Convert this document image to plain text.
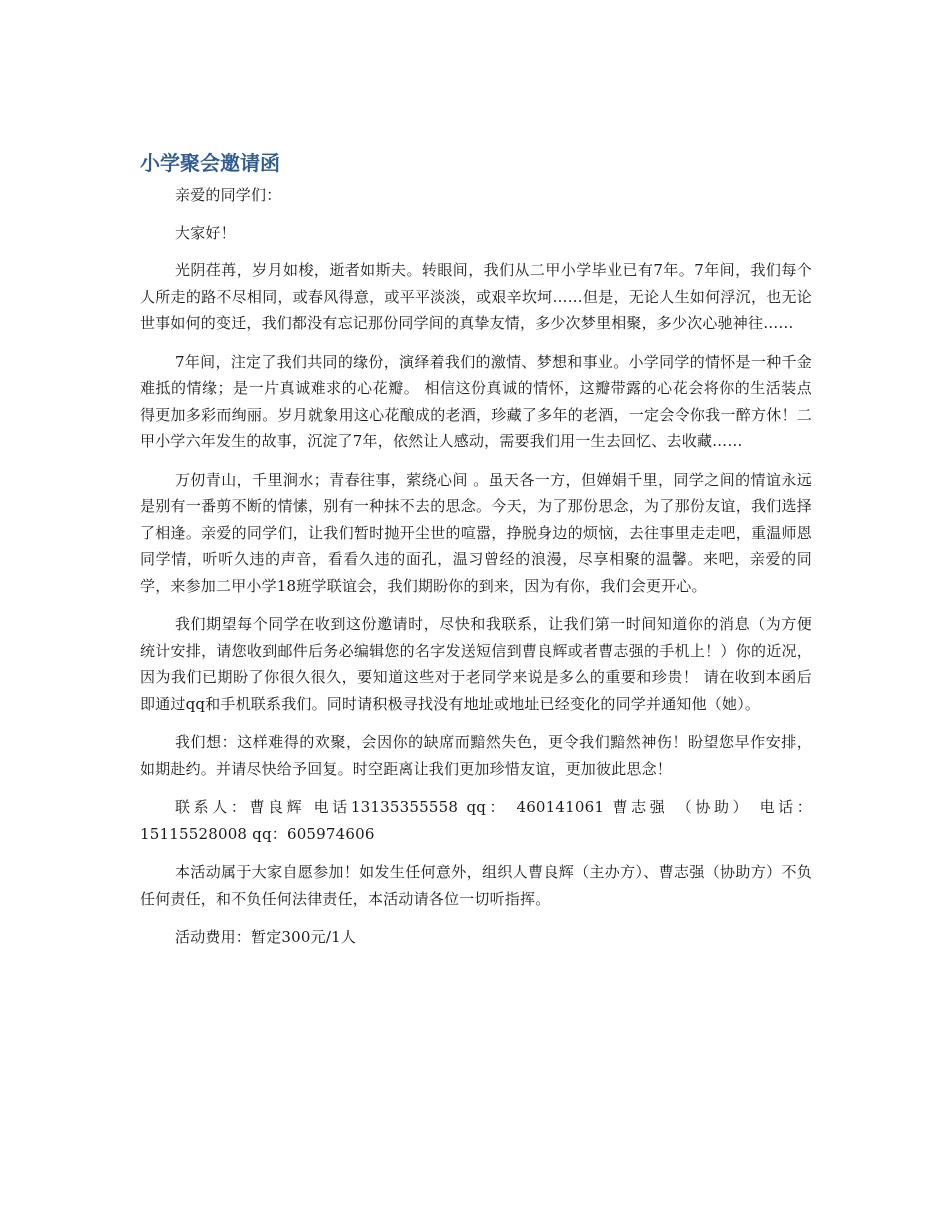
小学聚会邀请函

亲爱的同学们：

大家好！

光阴荏苒，岁月如梭，逝者如斯夫。转眼间，我们从二甲小学毕业已有7年。7年间，我们每个人所走的路不尽相同，或春风得意，或平平淡淡，或艰辛坎坷……但是，无论人生如何浮沉，也无论世事如何的变迁，我们都没有忘记那份同学间的真挚友情，多少次梦里相聚，多少次心驰神往……

7年间，注定了我们共同的缘份，演绎着我们的激情、梦想和事业。小学同学的情怀是一种千金难抵的情缘；是一片真诚难求的心花瓣。 相信这份真诚的情怀，这瓣带露的心花会将你的生活装点得更加多彩而绚丽。岁月就象用这心花酿成的老酒，珍藏了多年的老酒，一定会令你我一醉方休！二甲小学六年发生的故事，沉淀了7年，依然让人感动，需要我们用一生去回忆、去收藏……

万仞青山，千里涧水；青春往事，萦绕心间 。虽天各一方，但婵娟千里，同学之间的情谊永远是别有一番剪不断的情愫，别有一种抹不去的思念。今天，为了那份思念，为了那份友谊，我们选择了相逢。亲爱的同学们，让我们暂时抛开尘世的喧嚣，挣脱身边的烦恼，去往事里走走吧，重温师恩同学情，听听久违的声音，看看久违的面孔，温习曾经的浪漫，尽享相聚的温馨。来吧，亲爱的同学，来参加二甲小学18班学联谊会，我们期盼你的到来，因为有你，我们会更开心。

我们期望每个同学在收到这份邀请时，尽快和我联系，让我们第一时间知道你的消息（为方便统计安排，请您收到邮件后务必编辑您的名字发送短信到曹良辉或者曹志强的手机上！）你的近况，因为我们已期盼了你很久很久，要知道这些对于老同学来说是多么的重要和珍贵！ 请在收到本函后即通过qq和手机联系我们。同时请积极寻找没有地址或地址已经变化的同学并通知他（她）。

我们想：这样难得的欢聚，会因你的缺席而黯然失色，更令我们黯然神伤！盼望您早作安排，如期赴约。并请尽快给予回复。时空距离让我们更加珍惜友谊，更加彼此思念！

联系人：曹良辉 电话13135355558 qq： 460141061 曹志强 （协助） 电话：15115528008 qq：605974606

本活动属于大家自愿参加！如发生任何意外，组织人曹良辉（主办方）、曹志强（协助方）不负任何责任，和不负任何法律责任，本活动请各位一切听指挥。

活动费用：暂定300元/1人
